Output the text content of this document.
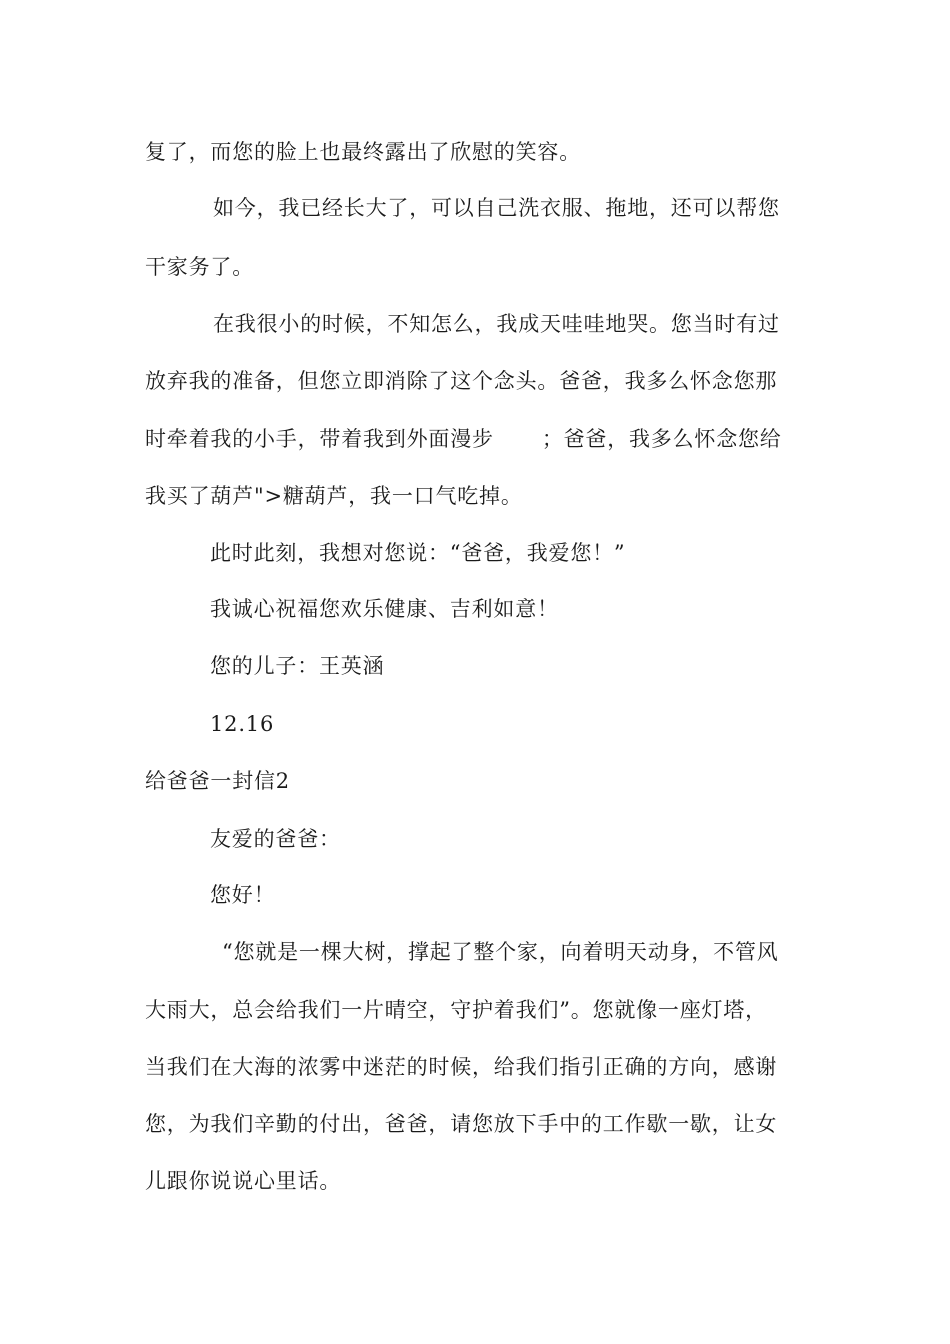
复了，而您的脸上也最终露出了欣慰的笑容。
如今，我已经长大了，可以自己洗衣服、拖地，还可以帮您
干家务了。
在我很小的时候，不知怎么，我成天哇哇地哭。您当时有过
放弃我的准备，但您立即消除了这个念头。爸爸，我多么怀念您那
时牵着我的小手，带着我到外面漫步 ；爸爸，我多么怀念您给
我买了葫芦">糖葫芦，我一口气吃掉。
此时此刻，我想对您说：“爸爸，我爱您！”
我诚心祝福您欢乐健康、吉利如意！
您的儿子：王英涵
12.16
给爸爸一封信2
友爱的爸爸：
您好！
“您就是一棵大树，撑起了整个家，向着明天动身，不管风
大雨大，总会给我们一片晴空，守护着我们”。您就像一座灯塔，
当我们在大海的浓雾中迷茫的时候，给我们指引正确的方向，感谢
您，为我们辛勤的付出，爸爸，请您放下手中的工作歇一歇，让女
儿跟你说说心里话。
